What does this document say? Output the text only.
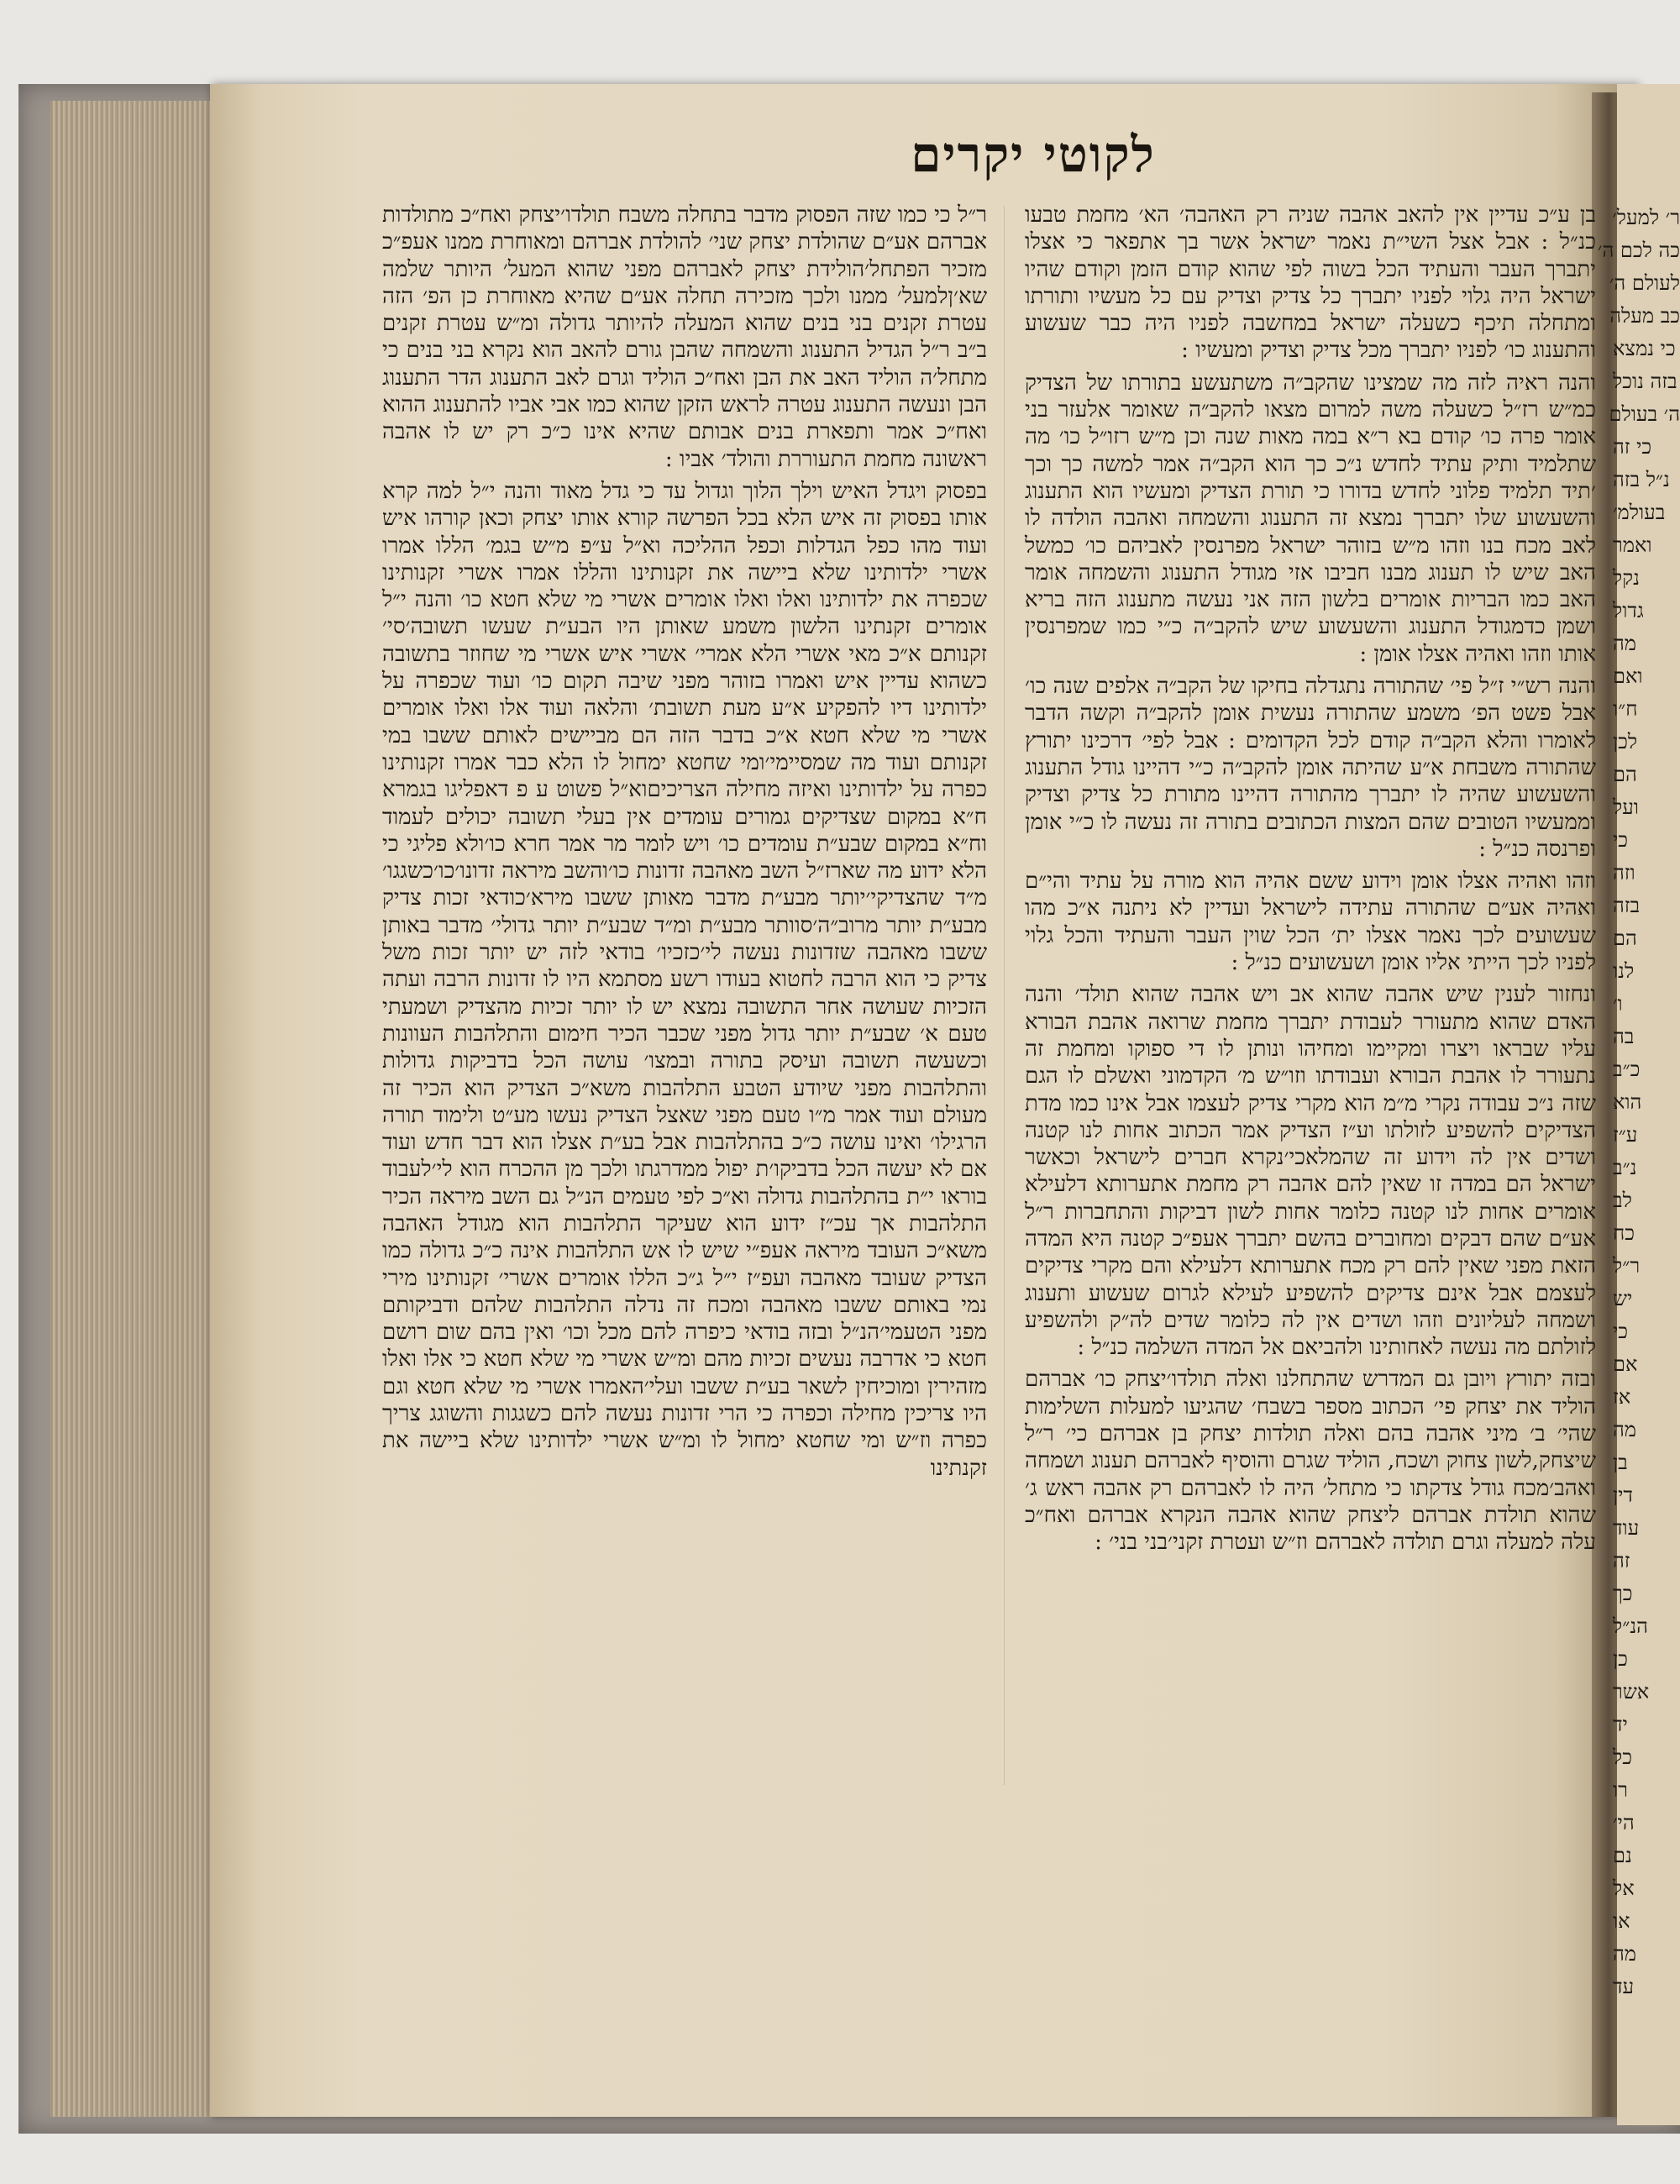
לקוטי יקרים

בן ע״כ עדיין אין להאב אהבה שניה רק האהבה׳ הא׳ מחמת טבעו כנ״ל : אבל אצל השי״ת נאמר ישראל אשר בך אתפאר כי אצלו יתברך העבר והעתיד הכל בשוה לפי שהוא קודם הזמן וקודם שהיו ישראל היה גלוי לפניו יתברך כל צדיק וצדיק עם כל מעשיו ותורתו ומתחלה תיכף כשעלה ישראל במחשבה לפניו היה כבר שעשוע והתענוג כו׳ לפניו יתברך מכל צדיק וצדיק ומעשיו :

והנה ראיה לזה מה שמצינו שהקב״ה משתעשע בתורתו של הצדיק כמ״ש רז״ל כשעלה משה למרום מצאו להקב״ה שאומר אלעזר בני אומר פרה כו׳ קודם בא ר״א במה מאות שנה וכן מ״ש רזו״ל כו׳ מה שתלמיד ותיק עתיד לחדש נ״כ כך הוא הקב״ה אמר למשה כך וכך ׳תיד תלמיד פלוני לחדש בדורו כי תורת הצדיק ומעשיו הוא התענוג והשעשוע שלו יתברך נמצא זה התענוג והשמחה ואהבה הולדה לו לאב מכח בנו וזהו מ״ש בזוהר ישראל מפרנסין לאביהם כו׳ כמשל האב שיש לו תענוג מבנו חביבו אזי מגודל התענוג והשמחה אומר האב כמו הבריות אומרים בלשון הזה אני נעשה מתענוג הזה בריא ושמן כדמגודל התענוג והשעשוע שיש להקב״ה כ״י כמו שמפרנסין אותו וזהו ואהיה אצלו אומן :

והנה רש״י ז״ל פי׳ שהתורה נתגדלה בחיקו של הקב״ה אלפים שנה כו׳ אבל פשט הפ׳ משמע שהתורה נעשית אומן להקב״ה וקשה הדבר לאומרו והלא הקב״ה קודם לכל הקדומים : אבל לפי׳ דרכינו יתורץ שהתורה משבחת א״ע שהיתה אומן להקב״ה כ״י דהיינו גודל התענוג והשעשוע שהיה לו יתברך מהתורה דהיינו מתורת כל צדיק וצדיק וממעשיו הטובים שהם המצות הכתובים בתורה זה נעשה לו כ״י אומן ופרנסה כנ״ל :

וזהו ואהיה אצלו אומן וידוע ששם אהיה הוא מורה על עתיד והי״ם ואהיה אע״ם שהתורה עתידה לישראל ועדיין לא ניתנה א״כ מהו שעשועים לכך נאמר אצלו ית׳ הכל שוין העבר והעתיד והכל גלוי לפניו לכך הייתי אליו אומן ושעשועים כנ״ל :

ונחזור לענין שיש אהבה שהוא אב ויש אהבה שהוא תולד׳ והנה האדם שהוא מתעורר לעבודת יתברך מחמת שרואה אהבת הבורא עליו שבראו ויצרו ומקיימו ומחיהו ונותן לו די ספוקו ומחמת זה נתעורר לו אהבת הבורא ועבודתו וזו״ש מ׳ הקדמוני ואשלם לו הגם שזה נ״כ עבודה נקרי מ״מ הוא מקרי צדיק לעצמו אבל אינו כמו מדת הצדיקים להשפיע לזולתו וע״ז הצדיק אמר הכתוב אחות לנו קטנה ושדים אין לה וידוע זה שהמלאכי׳נקרא חברים לישראל וכאשר ישראל הם במדה זו שאין להם אהבה רק מחמת אתערותא דלעילא אומרים אחות לנו קטנה כלומר אחות לשון דביקות והתחברות ר״ל אע״ם שהם דבקים ומחוברים בהשם יתברך אעפ״כ קטנה היא המדה הזאת מפני שאין להם רק מכח אתערותא דלעילא והם מקרי צדיקים לעצמם אבל אינם צדיקים להשפיע לעילא לגרום שעשוע ותענוג ושמחה לעליונים וזהו ושדים אין לה כלומר שדים לה״ק ולהשפיע לזולתם מה נעשה לאחותינו ולהביאם אל המדה השלמה כנ״ל :

ובזה יתורץ ויובן גם המדרש שהתחלנו ואלה תולדו׳יצחק כו׳ אברהם הוליד את יצחק פי׳ הכתוב מספר בשבח׳ שהגיעו למעלות השלימות שהי׳ ב׳ מיני אהבה בהם ואלה תולדות יצחק בן אברהם כי׳ ר״ל שיצחק,לשון צחוק ושכח, הוליד שגרם והוסיף לאברהם תענוג ושמחה ואהב׳מכח גודל צדקתו כי מתחל׳ היה לו לאברהם רק אהבה ראש ג׳ שהוא תולדת אברהם ליצחק שהוא אהבה הנקרא אברהם ואח״כ עלה למעלה וגרם תולדה לאברהם וז״ש ועטרת זקני׳בני בני׳ :

ר״ל כי כמו שזה הפסוק מדבר בתחלה משבח תולדו׳יצחק ואח״כ מתולדות אברהם אע״ם שהולדת יצחק שני׳ להולדת אברהם ומאוחרת ממנו אעפ״כ מזכיר הפתחל׳הולידת יצחק לאברהם מפני שהוא המעל׳ היותר שלמה שא׳ןלמעל׳ ממנו ולכך מזכירה תחלה אע״ם שהיא מאוחרת כן הפ׳ הזה עטרת זקנים בני בנים שהוא המעלה להיותר גדולה ומ״ש עטרת זקנים ב״ב ר״ל הגדיל התענוג והשמחה שהבן גורם להאב הוא נקרא בני בנים כי מתחל׳ה הוליד האב את הבן ואח״כ הוליד וגרם לאב התענוג הדר התענוג הבן ונעשה התענוג עטרה לראש הזקן שהוא כמו אבי אביו להתענוג ההוא ואח״כ אמר ותפארת בנים אבותם שהיא אינו כ״כ רק יש לו אהבה ראשונה מחמת התעוררת והולד׳ אביו :

בפסוק ויגדל האיש וילך הלוך וגדול עד כי גדל מאוד והנה י״ל למה קרא אותו בפסוק זה איש הלא בכל הפרשה קורא אותו יצחק וכאן קורהו איש ועוד מהו כפל הגדלות וכפל ההליכה וא״ל ע״פ מ״ש בגמ׳ הללו אמרו אשרי ילדותינו שלא ביישה את זקנותינו והללו אמרו אשרי זקנותינו שכפרה את ילדותינו ואלו ואלו אומרים אשרי מי שלא חטא כו׳ והנה י״ל אומרים זקנתינו הלשון משמע שאותן היו הבע״ת שעשו תשובה׳סי׳ זקנותם א״כ מאי אשרי הלא אמרי׳ אשרי איש אשרי מי שחוזר בתשובה כשהוא עדיין איש ואמרו בזוהר מפני שיבה תקום כו׳ ועוד שכפרה על ילדותינו דיו להפקיע א״ע מעת תשובת׳ והלאה ועוד אלו ואלו אומרים אשרי מי שלא חטא א״כ בדבר הזה הם מביישים לאותם ששבו במי זקנותם ועוד מה שמסיימי׳ומי שחטא ימחול לו הלא כבר אמרו זקנותינו כפרה על ילדותינו ואיזה מחילה הצריכיםוא״ל פשוט ע פ דאפליגו בגמרא ח״א במקום שצדיקים גמורים עומדים אין בעלי תשובה יכולים לעמוד וח״א במקום שבע״ת עומדים כו׳ ויש לומר מר אמר חרא כו׳ולא פליגי כי הלא ידוע מה שארז״ל השב מאהבה זדונות כו׳והשב מיראה זדונו׳כו׳כשגגו׳ מ״ד שהצדיקי׳יותר מבע״ת מדבר מאותן ששבו מירא׳כודאי זכות צדיק מבע״ת יותר מרוב״ה׳סוותר מבע״ת ומ״ד שבע״ת יותר גדולי׳ מדבר באותן ששבו מאהבה שזדונות נעשה לי׳כזכיו׳ בודאי לזה יש יותר זכות משל צדיק כי הוא הרבה לחטוא בעודו רשע מסתמא היו לו זדונות הרבה ועתה הזכיות שעושה אחר התשובה נמצא יש לו יותר זכיות מהצדיק ושמעתי טעם א׳ שבע״ת יותר גדול מפני שכבר הכיר חימום והתלהבות העוונות וכשעשה תשובה ועיסק בתורה ובמצו׳ עושה הכל בדביקות גדולות והתלהבות מפני שיודע הטבע התלהבות משא״כ הצדיק הוא הכיר זה מעולם ועוד אמר מ״ו טעם מפני שאצל הצדיק נעשו מע״ט ולימוד תורה הרגילו׳ ואינו עושה כ״כ בהתלהבות אבל בע״ת אצלו הוא דבר חדש ועוד אם לא יעשה הכל בדביקו׳ת יפול ממדרגתו ולכך מן ההכרח הוא לי׳לעבוד בוראו י״ת בהתלהבות גדולה וא״כ לפי טעמים הנ״ל גם השב מיראה הכיר התלהבות אך עכ״ז ידוע הוא שעיקר התלהבות הוא מגודל האהבה משא״כ העובד מיראה אעפ״י שיש לו אש התלהבות אינה כ״כ גדולה כמו הצדיק שעובד מאהבה ועפ״ז י״ל ג״כ הללו אומרים אשרי׳ זקנותינו מירי נמי באותם ששבו מאהבה ומכח זה נדלה התלהבות שלהם ודביקותם מפני הטעמי׳הנ״ל ובזה בודאי כיפרה להם מכל וכו׳ ואין בהם שום רושם חטא כי אדרבה נעשים זכיות מהם ומ״ש אשרי מי שלא חטא כי אלו ואלו מזהירין ומוכיחין לשאר בע״ת ששבו ועלי׳האמרו אשרי מי שלא חטא וגם היו צריכין מחילה וכפרה כי הרי זדונות נעשה להם כשגגות והשוגג צריך כפרה וז״ש ומי שחטא ימחול לו ומ״ש אשרי ילדותינו שלא ביישה את זקנתינו

ר׳ למעל׳
כה לכם ה׳
לעולם ה׳
כב מעלה
כי נמצא
בזה נוכל
ה׳ בעולם
כי זה
נ״ל בזה
בעולמ׳
ואמר
נקל
גדול
מה
ואם
ח״ו
לכן
הם
ועל
כי
וזה
בזה
הם
לנו
ו׳
בה
כ״ב
הוא
ע״ז
נ״ב
לב
כח
ר״ל
יש
כי
אם
אז
מה
בן
דין
עוד
זה
כך
הנ״ל
כן
אשר
יד
כל
רו
הי׳
נם
אל
או
מה
עד
